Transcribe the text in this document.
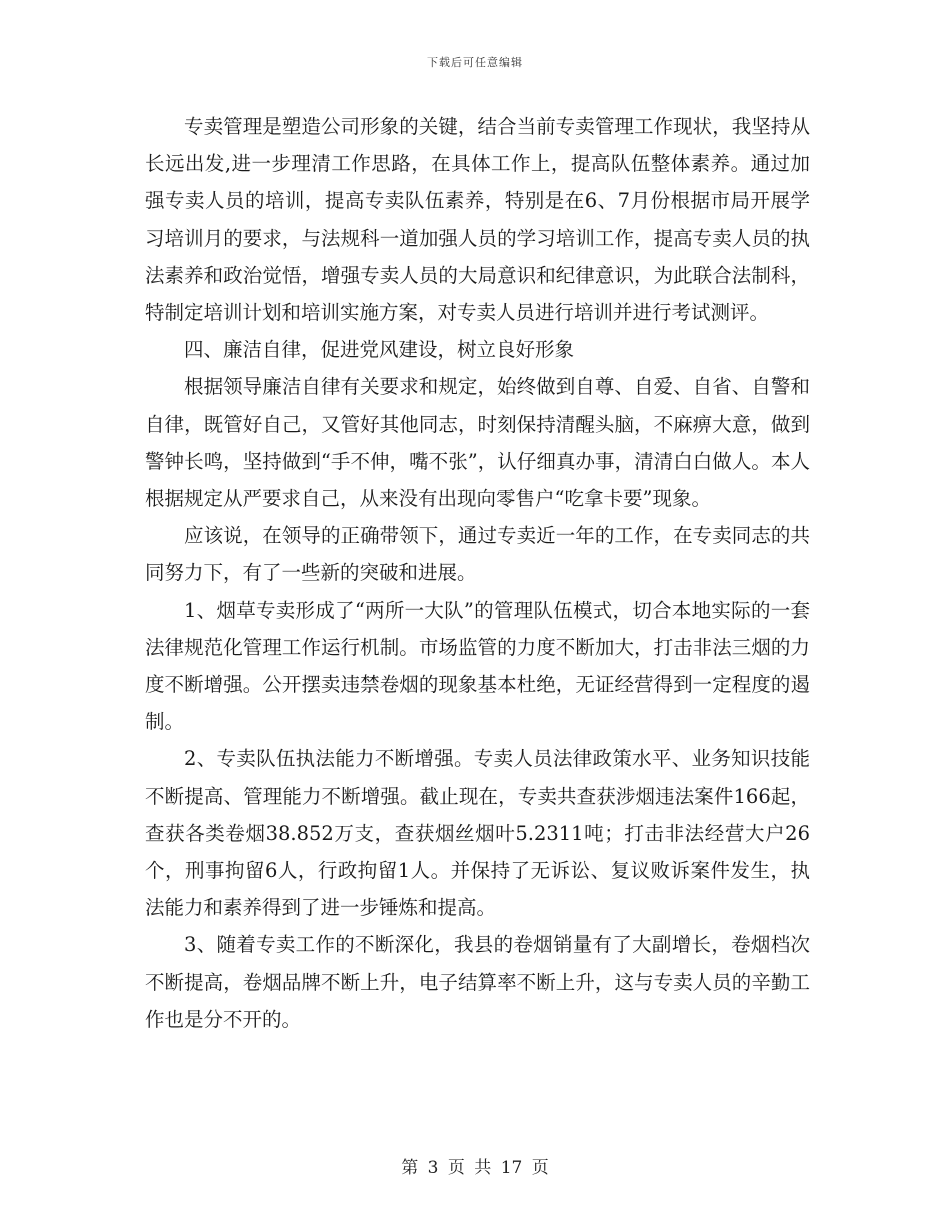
下载后可任意编辑

专卖管理是塑造公司形象的关键，结合当前专卖管理工作现状，我坚持从长远出发,进一步理清工作思路，在具体工作上，提高队伍整体素养。通过加强专卖人员的培训，提高专卖队伍素养，特别是在6、7月份根据市局开展学习培训月的要求，与法规科一道加强人员的学习培训工作，提高专卖人员的执法素养和政治觉悟，增强专卖人员的大局意识和纪律意识，为此联合法制科，特制定培训计划和培训实施方案，对专卖人员进行培训并进行考试测评。

四、廉洁自律，促进党风建设，树立良好形象

根据领导廉洁自律有关要求和规定，始终做到自尊、自爱、自省、自警和自律，既管好自己，又管好其他同志，时刻保持清醒头脑，不麻痹大意，做到警钟长鸣，坚持做到“手不伸，嘴不张”，认仔细真办事，清清白白做人。本人根据规定从严要求自己，从来没有出现向零售户“吃拿卡要”现象。

应该说，在领导的正确带领下，通过专卖近一年的工作，在专卖同志的共同努力下，有了一些新的突破和进展。

1、烟草专卖形成了“两所一大队”的管理队伍模式，切合本地实际的一套法律规范化管理工作运行机制。市场监管的力度不断加大，打击非法三烟的力度不断增强。公开摆卖违禁卷烟的现象基本杜绝，无证经营得到一定程度的遏制。

2、专卖队伍执法能力不断增强。专卖人员法律政策水平、业务知识技能不断提高、管理能力不断增强。截止现在，专卖共查获涉烟违法案件166起，查获各类卷烟38.852万支，查获烟丝烟叶5.2311吨；打击非法经营大户26个，刑事拘留6人，行政拘留1人。并保持了无诉讼、复议败诉案件发生，执法能力和素养得到了进一步锤炼和提高。

3、随着专卖工作的不断深化，我县的卷烟销量有了大副增长，卷烟档次不断提高，卷烟品牌不断上升，电子结算率不断上升，这与专卖人员的辛勤工作也是分不开的。

第 3 页 共 17 页
